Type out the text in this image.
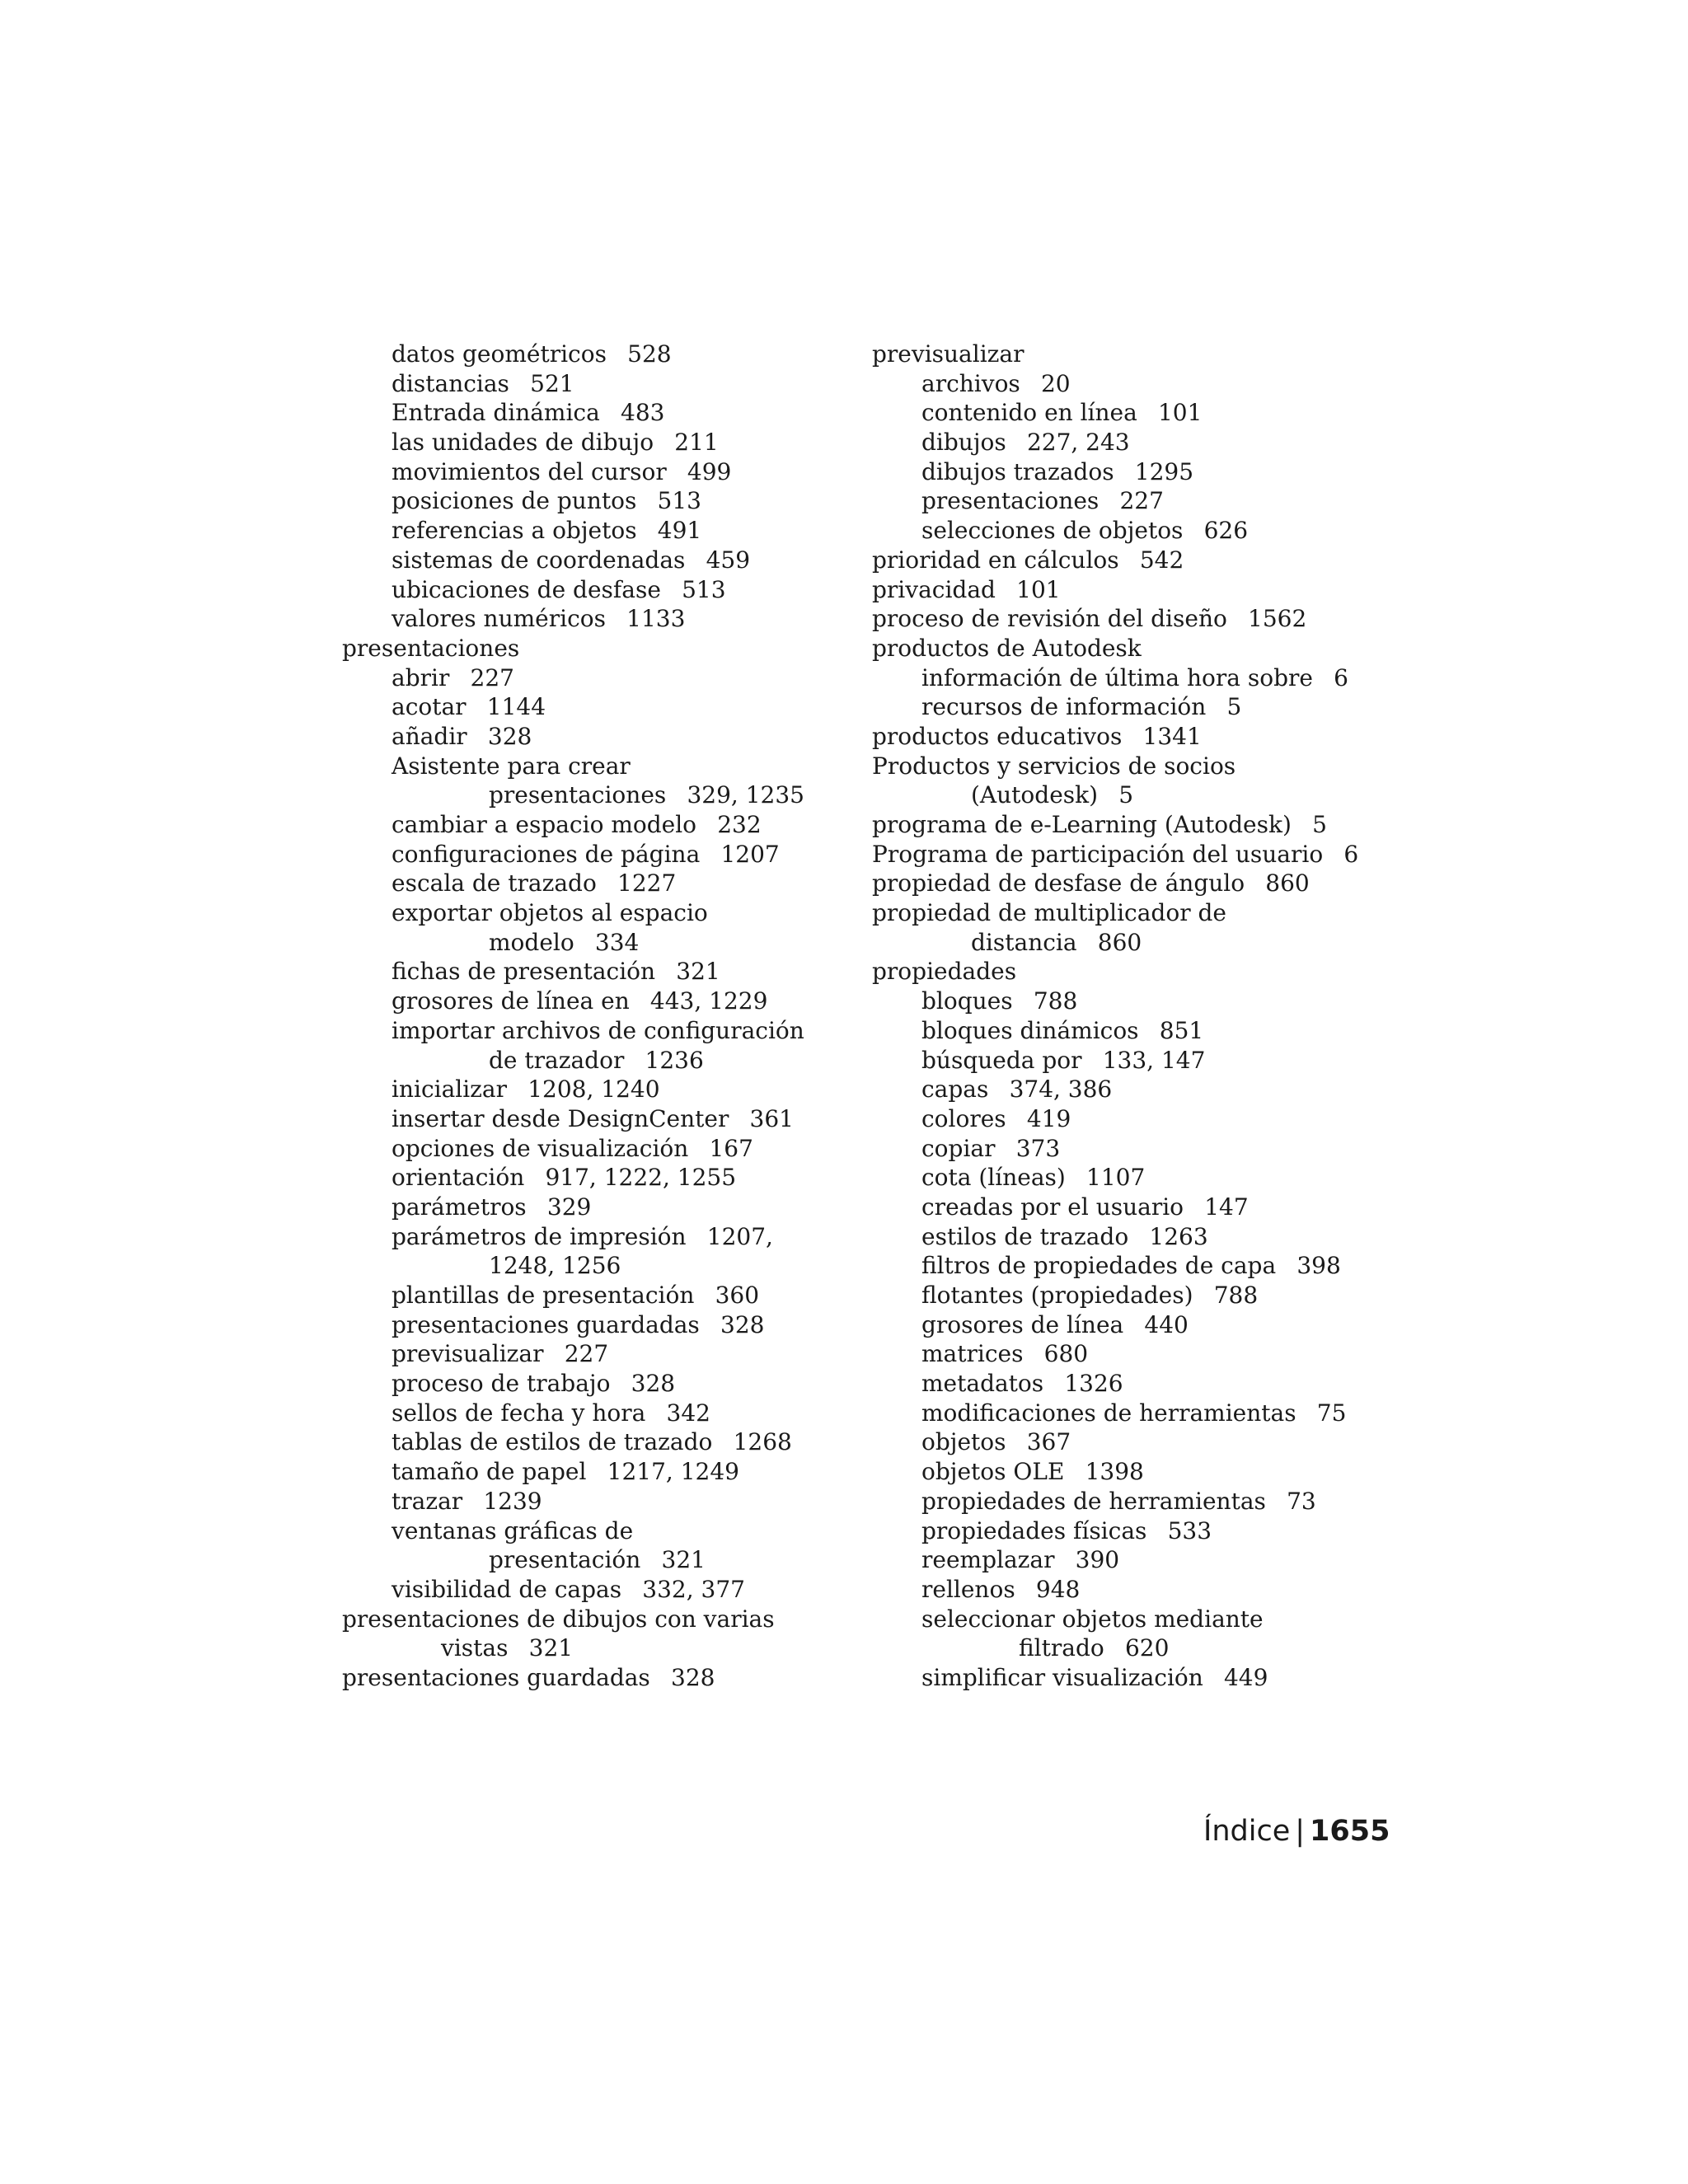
datos geométricos 528
distancias 521
Entrada dinámica 483
las unidades de dibujo 211
movimientos del cursor 499
posiciones de puntos 513
referencias a objetos 491
sistemas de coordenadas 459
ubicaciones de desfase 513
valores numéricos 1133
presentaciones
abrir 227
acotar 1144
añadir 328
Asistente para crear
presentaciones 329, 1235
cambiar a espacio modelo 232
configuraciones de página 1207
escala de trazado 1227
exportar objetos al espacio
modelo 334
fichas de presentación 321
grosores de línea en 443, 1229
importar archivos de configuración
de trazador 1236
inicializar 1208, 1240
insertar desde DesignCenter 361
opciones de visualización 167
orientación 917, 1222, 1255
parámetros 329
parámetros de impresión 1207,
1248, 1256
plantillas de presentación 360
presentaciones guardadas 328
previsualizar 227
proceso de trabajo 328
sellos de fecha y hora 342
tablas de estilos de trazado 1268
tamaño de papel 1217, 1249
trazar 1239
ventanas gráficas de
presentación 321
visibilidad de capas 332, 377
presentaciones de dibujos con varias
vistas 321
presentaciones guardadas 328
previsualizar
archivos 20
contenido en línea 101
dibujos 227, 243
dibujos trazados 1295
presentaciones 227
selecciones de objetos 626
prioridad en cálculos 542
privacidad 101
proceso de revisión del diseño 1562
productos de Autodesk
información de última hora sobre 6
recursos de información 5
productos educativos 1341
Productos y servicios de socios
(Autodesk) 5
programa de e-Learning (Autodesk) 5
Programa de participación del usuario 6
propiedad de desfase de ángulo 860
propiedad de multiplicador de
distancia 860
propiedades
bloques 788
bloques dinámicos 851
búsqueda por 133, 147
capas 374, 386
colores 419
copiar 373
cota (líneas) 1107
creadas por el usuario 147
estilos de trazado 1263
filtros de propiedades de capa 398
flotantes (propiedades) 788
grosores de línea 440
matrices 680
metadatos 1326
modificaciones de herramientas 75
objetos 367
objetos OLE 1398
propiedades de herramientas 73
propiedades físicas 533
reemplazar 390
rellenos 948
seleccionar objetos mediante
filtrado 620
simplificar visualización 449
Índice | 1655
